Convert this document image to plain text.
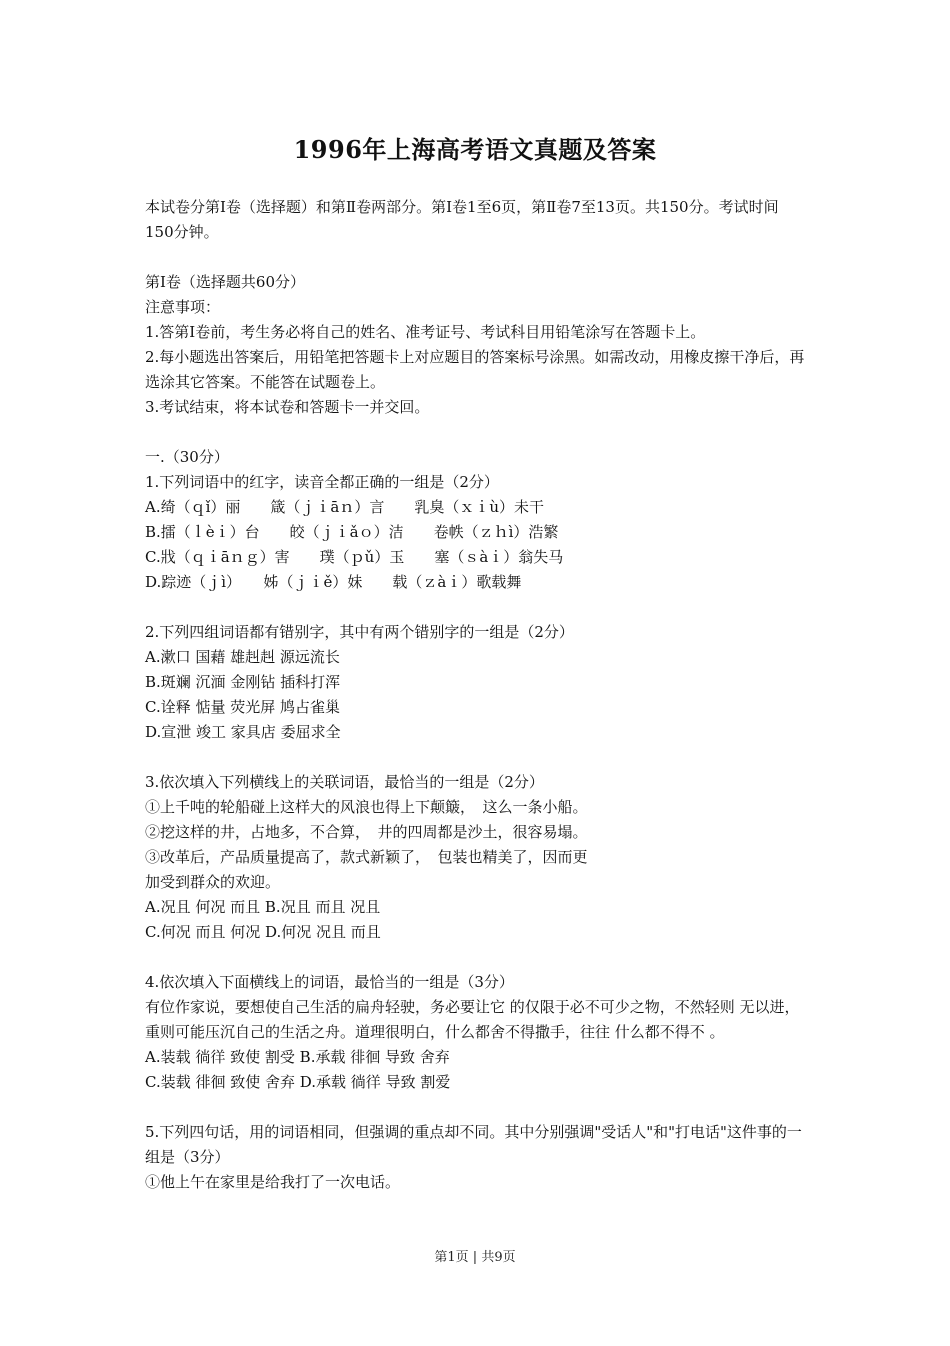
1996年上海高考语文真题及答案

本试卷分第Ⅰ卷（选择题）和第Ⅱ卷两部分。第Ⅰ卷1至6页，第Ⅱ卷7至13页。共150分。考试时间150分钟。

第Ⅰ卷（选择题共60分）
注意事项：

1.答第Ⅰ卷前，考生务必将自己的姓名、准考证号、考试科目用铅笔涂写在答题卡上。

2.每小题选出答案后，用铅笔把答题卡上对应题目的答案标号涂黑。如需改动，用橡皮擦干净后，再选涂其它答案。不能答在试题卷上。

3.考试结束，将本试卷和答题卡一并交回。

一.（30分）
1.下列词语中的红字，读音全都正确的一组是（2分）
A.绮（ｑǐ）丽　　箴（ｊｉāｎ）言　　乳臭（ｘｉù）未干
B.擂（ｌèｉ）台　　皎（ｊｉǎｏ）洁　　卷帙（ｚｈì）浩繁
C.戕（ｑｉāｎｇ）害　　璞（ｐǔ）玉　　塞（ｓàｉ）翁失马
D.踪迹（ｊì）　　姊（ｊｉě）妹　　载（ｚàｉ）歌载舞
2.下列四组词语都有错别字，其中有两个错别字的一组是（2分）
A.漱口 国藉 雄赳赳 源远流长
B.斑斓 沉湎 金刚钻 插科打浑
C.诠释 惦量 荧光屏 鸠占雀巢
D.宣泄 竣工 家具店 委屈求全
3.依次填入下列横线上的关联词语，最恰当的一组是（2分）
①上千吨的轮船碰上这样大的风浪也得上下颠簸，　这么一条小船。
②挖这样的井，占地多，不合算，　井的四周都是沙土，很容易塌。
③改革后，产品质量提高了，款式新颖了，　包装也精美了，因而更
加受到群众的欢迎。
A.况且 何况 而且 B.况且 而且 况且
C.何况 而且 何况 D.何况 况且 而且
4.依次填入下面横线上的词语，最恰当的一组是（3分）

有位作家说，要想使自己生活的扁舟轻驶，务必要让它 的仅限于必不可少之物，不然轻则 无以进，重则可能压沉自己的生活之舟。道理很明白，什么都舍不得撒手，往往 什么都不得不 。

A.装载 徜徉 致使 割受 B.承载 徘徊 导致 舍弃
C.装载 徘徊 致使 舍弃 D.承载 徜徉 导致 割爱

5.下列四句话，用的词语相同，但强调的重点却不同。其中分别强调"受话人"和"打电话"这件事的一组是（3分）

①他上午在家里是给我打了一次电话。
第1页 | 共9页
